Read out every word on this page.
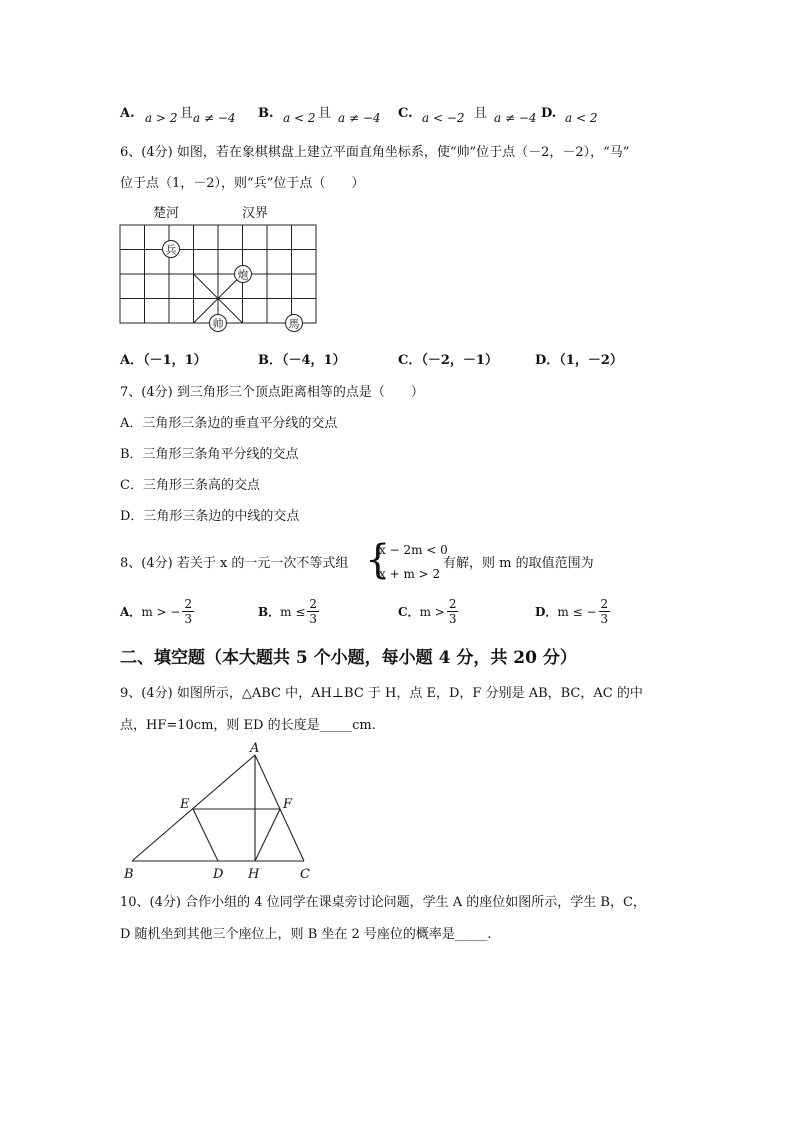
A. a > 2 且 a ≠ −4 B. a < 2 且 a ≠ −4 C. a < −2 且 a ≠ −4 D. a < 2
6、(4分) 如图，若在象棋棋盘上建立平面直角坐标系，使“帅”位于点（－2，－2），“马”
位于点（1，－2），则“兵”位于点（　　）
楚河	汉界
兵
炮
帅	馬
A．（－1，1）	B．（－4，1）	C．（－2，－1）	D．（1，－2）
7、(4分) 到三角形三个顶点距离相等的点是（　　）
A．三角形三条边的垂直平分线的交点
B．三角形三条角平分线的交点
C．三角形三条高的交点
D．三角形三条边的中线的交点
8、(4分) 若关于 x 的一元一次不等式组 {
x − 2m < 0
x + m > 2
有解，则 m 的取值范围为
A． m > − $\frac{2}{3}$	B． $m \le \frac{2}{3}$	C． $m > \frac{2}{3}$	D． m ≤ − $\frac{2}{3}$
二、填空题（本大题共 5 个小题，每小题 4 分，共 20 分）
9、(4分) 如图所示，△ABC 中，AH⊥BC 于 H，点 E，D，F 分别是 AB，BC，AC 的中
点，HF=10cm，则 ED 的长度是_____cm.
A
B	C
D
E	F
H
10、(4分) 合作小组的 4 位同学在课桌旁讨论问题，学生 A 的座位如图所示，学生 B，C，
D 随机坐到其他三个座位上，则 B 坐在 2 号座位的概率是_____.
